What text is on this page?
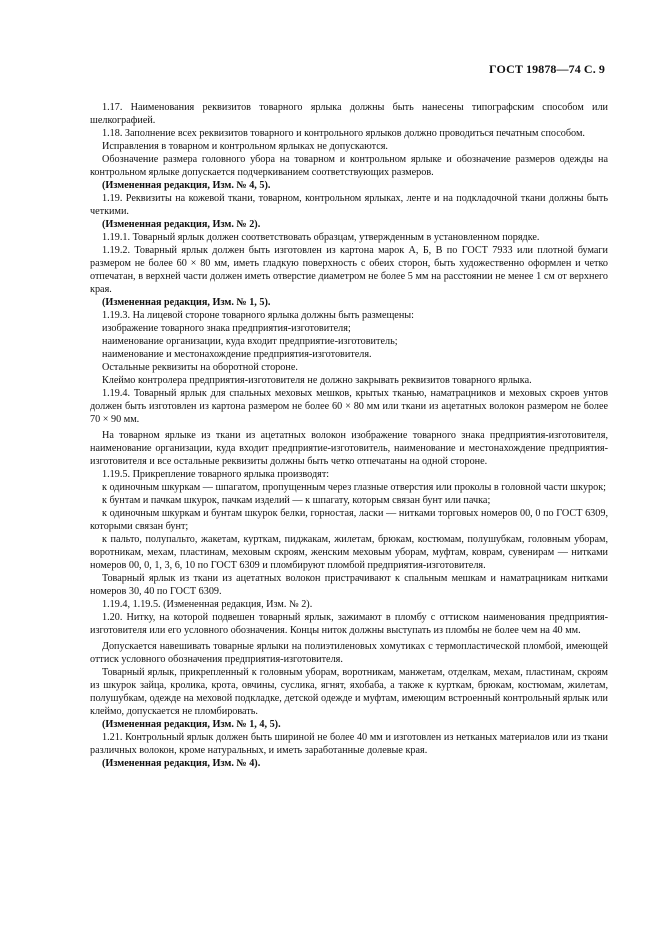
ГОСТ 19878—74 С. 9

1.17. Наименования реквизитов товарного ярлыка должны быть нанесены типографским способом или шелкографией.

1.18. Заполнение всех реквизитов товарного и контрольного ярлыков должно проводиться печатным способом.

Исправления в товарном и контрольном ярлыках не допускаются.

Обозначение размера головного убора на товарном и контрольном ярлыке и обозначение размеров одежды на контрольном ярлыке допускается подчеркиванием соответствующих размеров.

(Измененная редакция, Изм. № 4, 5).

1.19. Реквизиты на кожевой ткани, товарном, контрольном ярлыках, ленте и на подкладочной ткани должны быть четкими.

(Измененная редакция, Изм. № 2).

1.19.1. Товарный ярлык должен соответствовать образцам, утвержденным в установленном порядке.

1.19.2. Товарный ярлык должен быть изготовлен из картона марок А, Б, В по ГОСТ 7933 или плотной бумаги размером не более 60 × 80 мм, иметь гладкую поверхность с обеих сторон, быть художественно оформлен и четко отпечатан, в верхней части должен иметь отверстие диаметром не более 5 мм на расстоянии не менее 1 см от верхнего края.

(Измененная редакция, Изм. № 1, 5).

1.19.3. На лицевой стороне товарного ярлыка должны быть размещены:

изображение товарного знака предприятия-изготовителя;

наименование организации, куда входит предприятие-изготовитель;

наименование и местонахождение предприятия-изготовителя.

Остальные реквизиты на оборотной стороне.

Клеймо контролера предприятия-изготовителя не должно закрывать реквизитов товарного ярлыка.

1.19.4. Товарный ярлык для спальных меховых мешков, крытых тканью, наматрацников и меховых скроев унтов должен быть изготовлен из картона размером не более 60 × 80 мм или ткани из ацетатных волокон размером не более 70 × 90 мм.

На товарном ярлыке из ткани из ацетатных волокон изображение товарного знака предприятия-изготовителя, наименование организации, куда входит предприятие-изготовитель, наименование и местонахождение предприятия-изготовителя и все остальные реквизиты должны быть четко отпечатаны на одной стороне.

1.19.5. Прикрепление товарного ярлыка производят:

к одиночным шкуркам — шпагатом, пропущенным через глазные отверстия или проколы в головной части шкурок;

к бунтам и пачкам шкурок, пачкам изделий — к шпагату, которым связан бунт или пачка;

к одиночным шкуркам и бунтам шкурок белки, горностая, ласки — нитками торговых номеров 00, 0 по ГОСТ 6309, которыми связан бунт;

к пальто, полупальто, жакетам, курткам, пиджакам, жилетам, брюкам, костюмам, полушубкам, головным уборам, воротникам, мехам, пластинам, меховым скроям, женским меховым уборам, муфтам, коврам, сувенирам — нитками номеров 00, 0, 1, 3, 6, 10 по ГОСТ 6309 и пломбируют пломбой предприятия-изготовителя.

Товарный ярлык из ткани из ацетатных волокон пристрачивают к спальным мешкам и наматрацникам нитками номеров 30, 40 по ГОСТ 6309.

1.19.4, 1.19.5. (Измененная редакция, Изм. № 2).

1.20. Нитку, на которой подвешен товарный ярлык, зажимают в пломбу с оттиском наименования предприятия-изготовителя или его условного обозначения. Концы ниток должны выступать из пломбы не более чем на 40 мм.

Допускается навешивать товарные ярлыки на полиэтиленовых хомутиках с термопластической пломбой, имеющей оттиск условного обозначения предприятия-изготовителя.

Товарный ярлык, прикрепленный к головным уборам, воротникам, манжетам, отделкам, мехам, пластинам, скроям из шкурок зайца, кролика, крота, овчины, суслика, ягнят, яхобаба, а также к курткам, брюкам, костюмам, жилетам, полушубкам, одежде на меховой подкладке, детской одежде и муфтам, имеющим встроенный контрольный ярлык или клеймо, допускается не пломбировать.

(Измененная редакция, Изм. № 1, 4, 5).

1.21. Контрольный ярлык должен быть шириной не более 40 мм и изготовлен из нетканых материалов или из ткани различных волокон, кроме натуральных, и иметь заработанные долевые края.

(Измененная редакция, Изм. № 4).
